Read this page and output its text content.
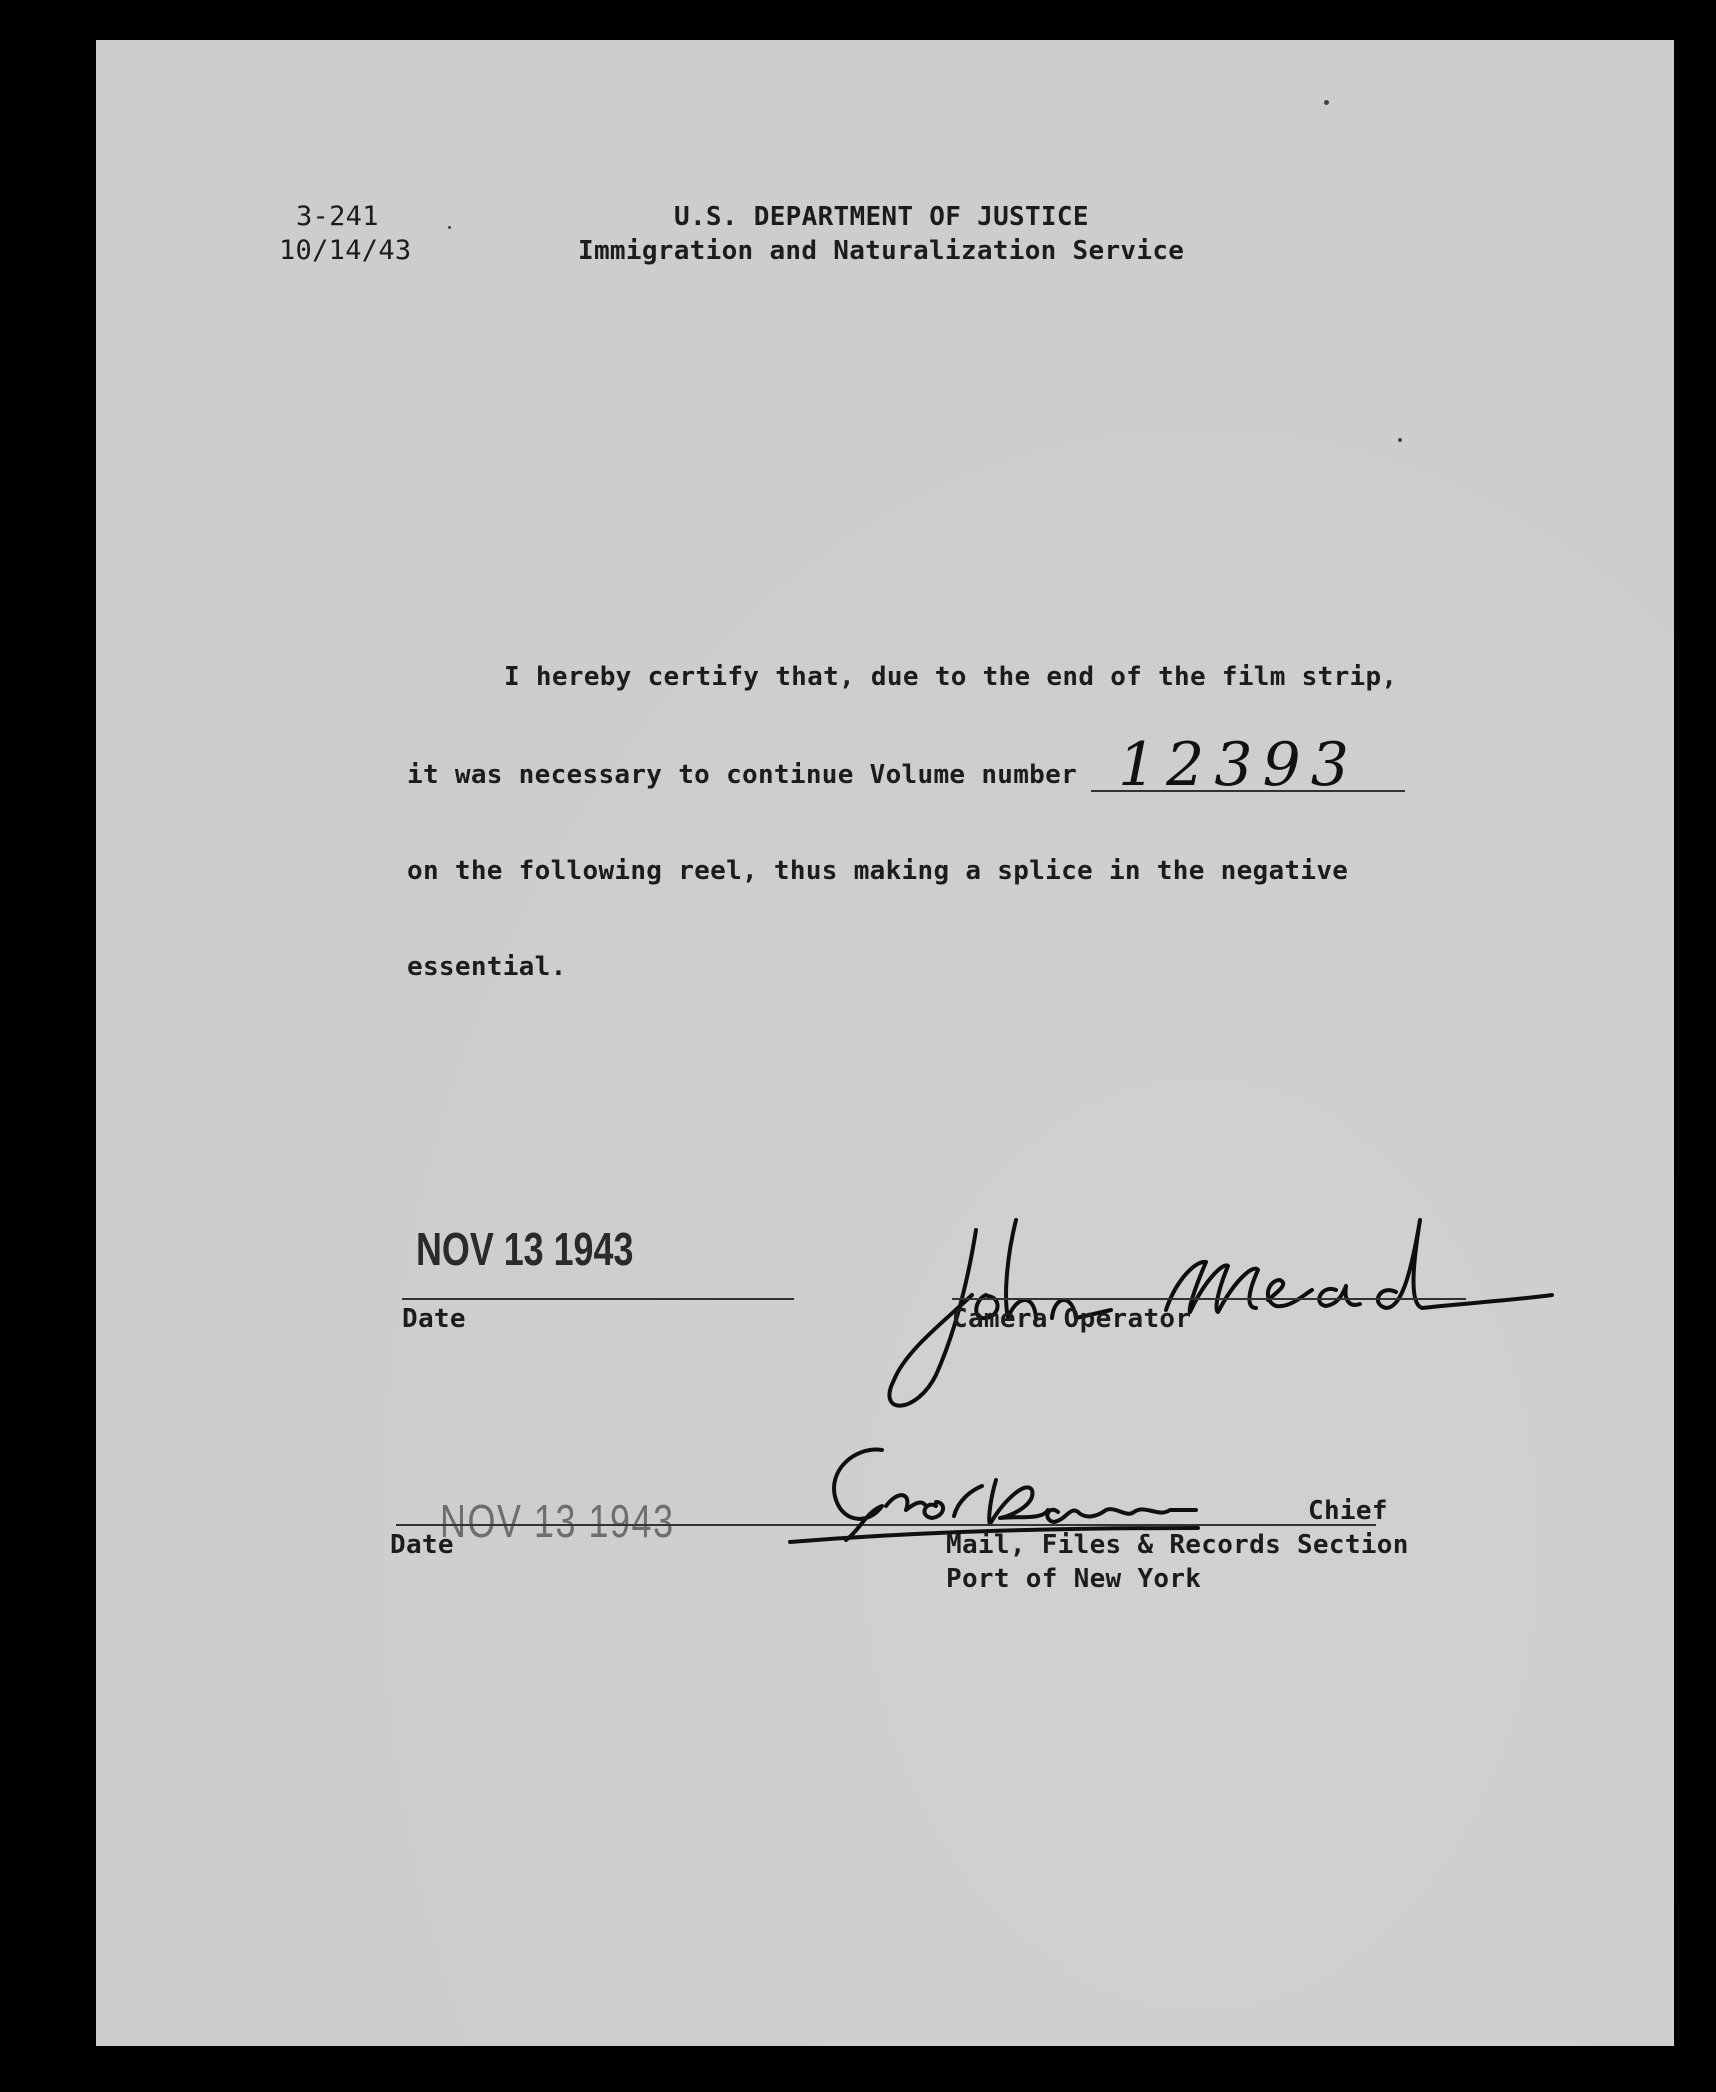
3-241
10/14/43
U.S. DEPARTMENT OF JUSTICE
Immigration and Naturalization Service
I hereby certify that, due to the end of the film strip,
it was necessary to continue Volume number 12393
on the following reel, thus making a splice in the negative
essential.
NOV 13 1943
Date	Camera Operator
NOV 13 1943
Date
Chief
Mail, Files & Records Section
Port of New York
